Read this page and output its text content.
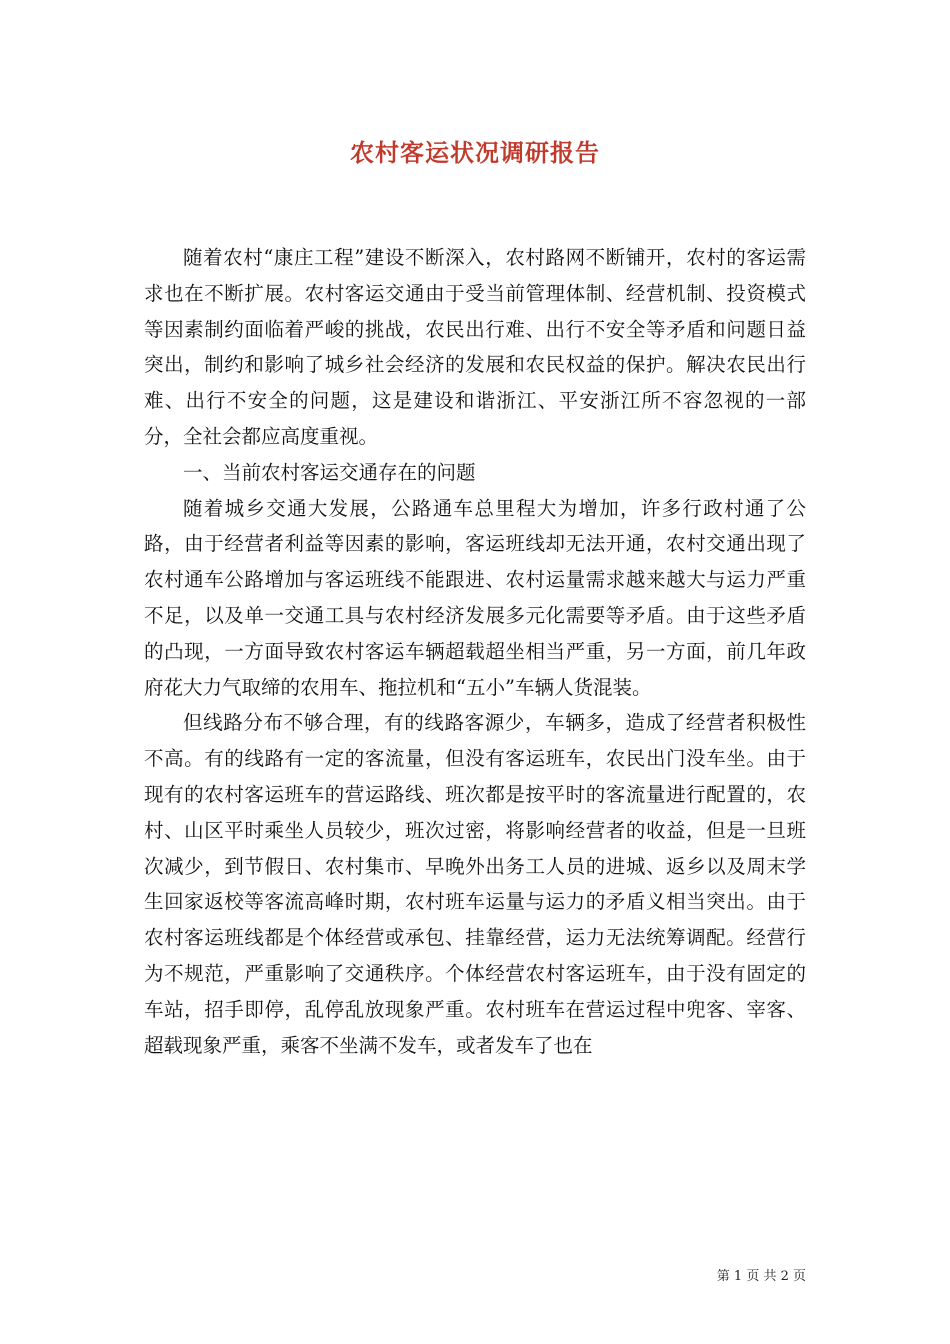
农村客运状况调研报告

随着农村“康庄工程”建设不断深入，农村路网不断铺开，农村的客运需求也在不断扩展。农村客运交通由于受当前管理体制、经营机制、投资模式等因素制约面临着严峻的挑战，农民出行难、出行不安全等矛盾和问题日益突出，制约和影响了城乡社会经济的发展和农民权益的保护。解决农民出行难、出行不安全的问题，这是建设和谐浙江、平安浙江所不容忽视的一部分，全社会都应高度重视。

一、当前农村客运交通存在的问题

随着城乡交通大发展，公路通车总里程大为增加，许多行政村通了公路，由于经营者利益等因素的影响，客运班线却无法开通，农村交通出现了农村通车公路增加与客运班线不能跟进、农村运量需求越来越大与运力严重不足，以及单一交通工具与农村经济发展多元化需要等矛盾。由于这些矛盾的凸现，一方面导致农村客运车辆超载超坐相当严重，另一方面，前几年政府花大力气取缔的农用车、拖拉机和“五小”车辆人货混装。

但线路分布不够合理，有的线路客源少，车辆多，造成了经营者积极性不高。有的线路有一定的客流量，但没有客运班车，农民出门没车坐。由于现有的农村客运班车的营运路线、班次都是按平时的客流量进行配置的，农村、山区平时乘坐人员较少，班次过密，将影响经营者的收益，但是一旦班次减少，到节假日、农村集市、早晚外出务工人员的进城、返乡以及周末学生回家返校等客流高峰时期，农村班车运量与运力的矛盾义相当突出。由于农村客运班线都是个体经营或承包、挂靠经营，运力无法统筹调配。经营行为不规范，严重影响了交通秩序。个体经营农村客运班车，由于没有固定的车站，招手即停，乱停乱放现象严重。农村班车在营运过程中兜客、宰客、超载现象严重，乘客不坐满不发车，或者发车了也在

第 1 页 共 2 页
